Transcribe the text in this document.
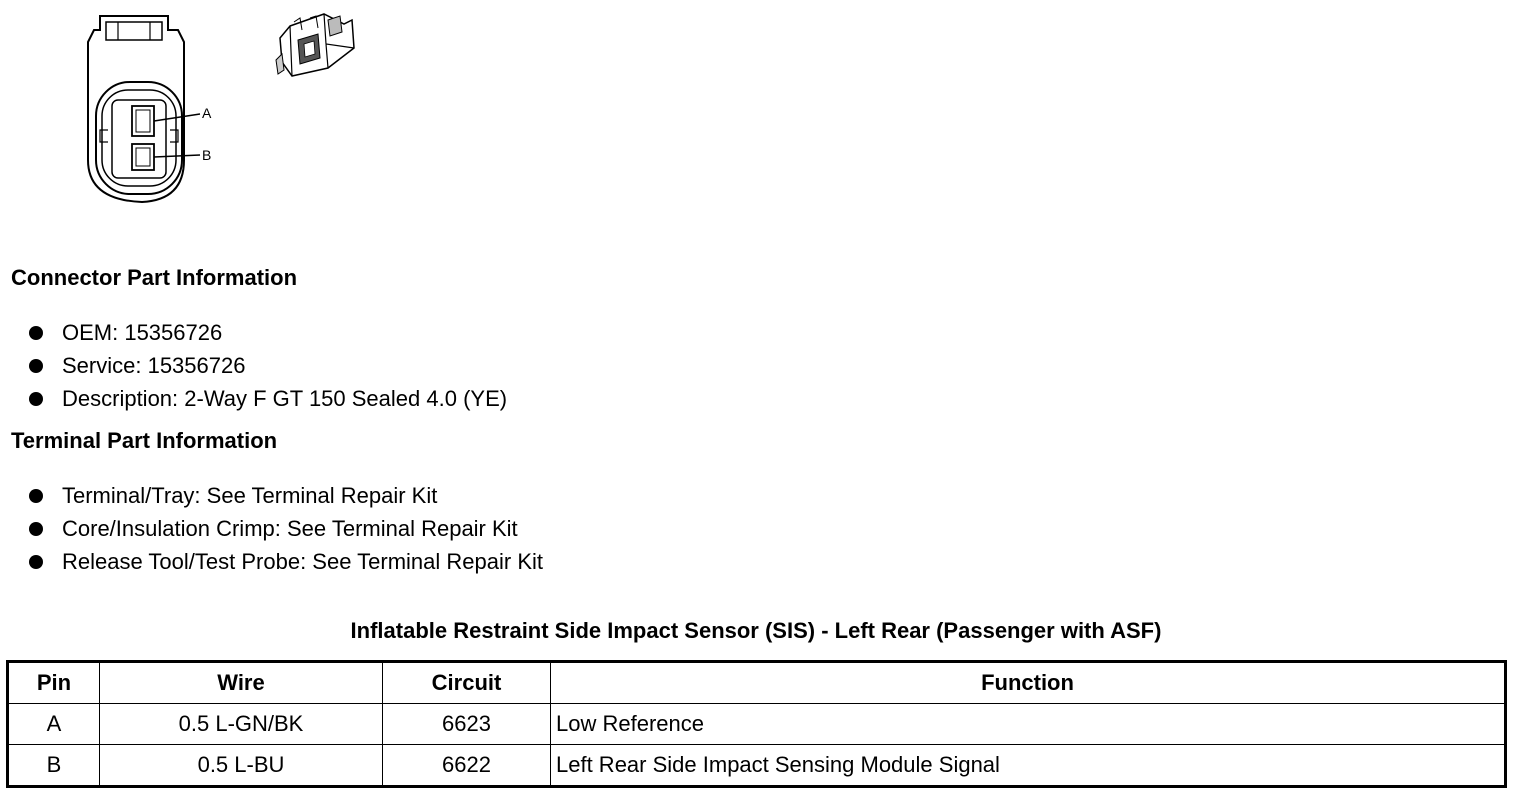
A
B
Connector Part Information
OEM: 15356726
Service: 15356726
Description: 2-Way F GT 150 Sealed 4.0 (YE)
Terminal Part Information
Terminal/Tray: See Terminal Repair Kit
Core/Insulation Crimp: See Terminal Repair Kit
Release Tool/Test Probe: See Terminal Repair Kit
Inflatable Restraint Side Impact Sensor (SIS) - Left Rear (Passenger with ASF)
Pin	Wire	Circuit	Function
A	0.5 L-GN/BK	6623	Low Reference
B	0.5 L-BU	6622	Left Rear Side Impact Sensing Module Signal
